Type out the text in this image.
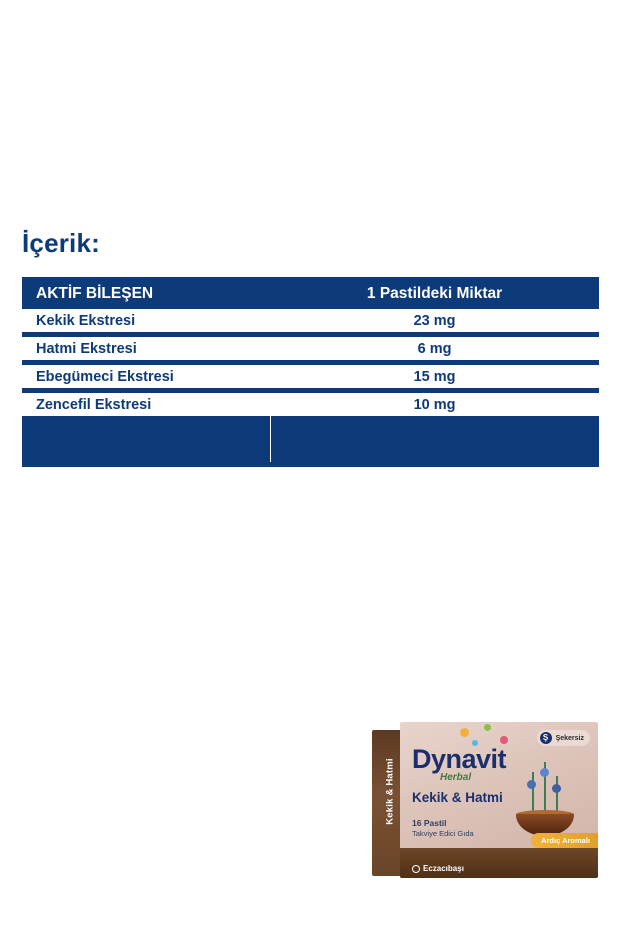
İçerik:
AKTİF BİLEŞEN	1 Pastildeki Miktar
Kekik Ekstresi	23 mg

Hatmi Ekstresi	6 mg

Ebegümeci Ekstresi	15 mg

Zencefil Ekstresi	10 mg

Kekik & Hatmi Dynavit
Herbal
Kekik & Hatmi
16 Pastil
Takviye Edici Gıda
Ş	Şekersiz
Ardıç Aromalı
Eczacıbaşı
